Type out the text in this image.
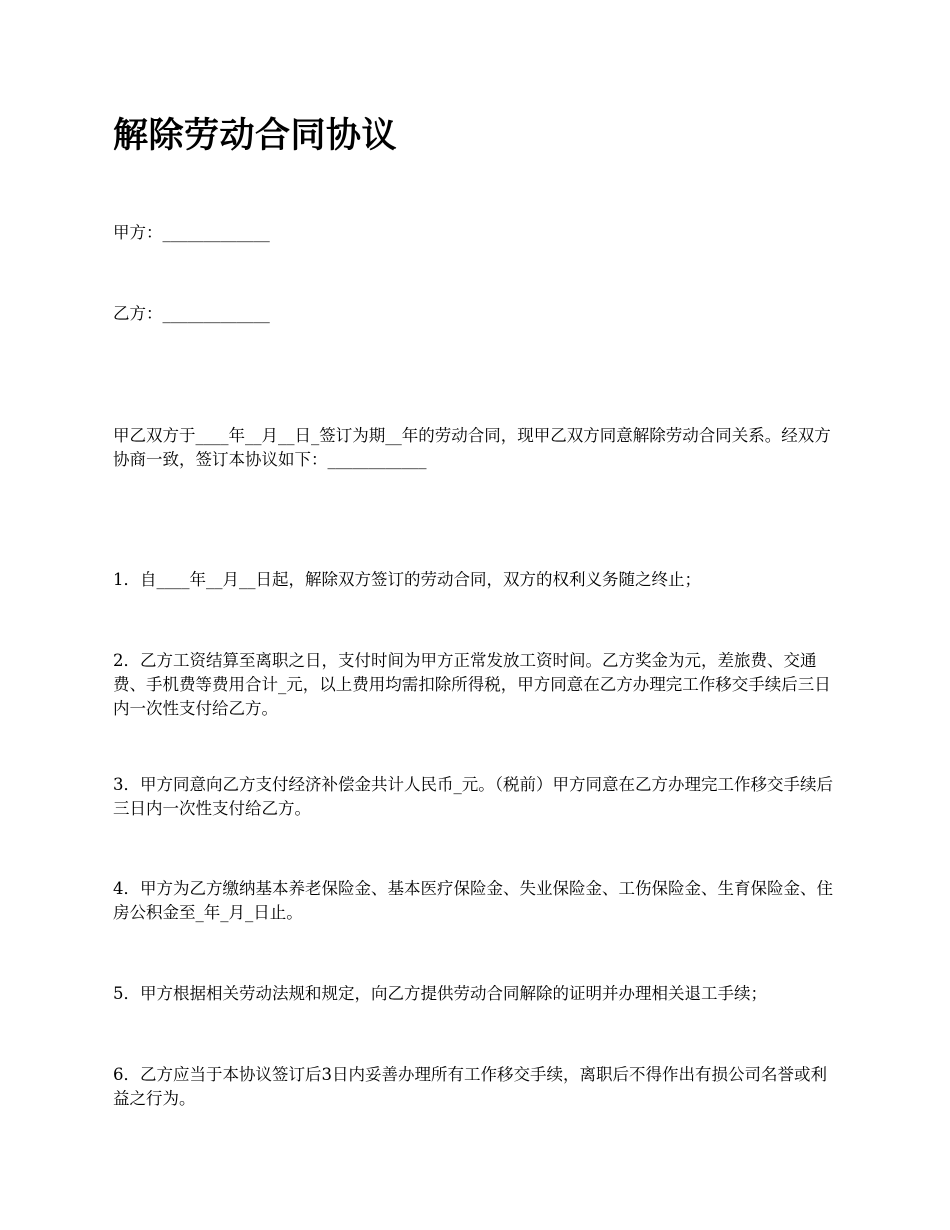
解除劳动合同协议

甲方：_____________

乙方：_____________

甲乙双方于____年__月__日_签订为期__年的劳动合同，现甲乙双方同意解除劳动合同关系。经双方协商一致，签订本协议如下：____________

1．自____年__月__日起，解除双方签订的劳动合同，双方的权利义务随之终止；

2．乙方工资结算至离职之日，支付时间为甲方正常发放工资时间。乙方奖金为元，差旅费、交通费、手机费等费用合计_元，以上费用均需扣除所得税，甲方同意在乙方办理完工作移交手续后三日内一次性支付给乙方。

3．甲方同意向乙方支付经济补偿金共计人民币_元。（税前）甲方同意在乙方办理完工作移交手续后三日内一次性支付给乙方。

4．甲方为乙方缴纳基本养老保险金、基本医疗保险金、失业保险金、工伤保险金、生育保险金、住房公积金至_年_月_日止。

5．甲方根据相关劳动法规和规定，向乙方提供劳动合同解除的证明并办理相关退工手续；

6．乙方应当于本协议签订后3日内妥善办理所有工作移交手续，离职后不得作出有损公司名誉或利益之行为。
